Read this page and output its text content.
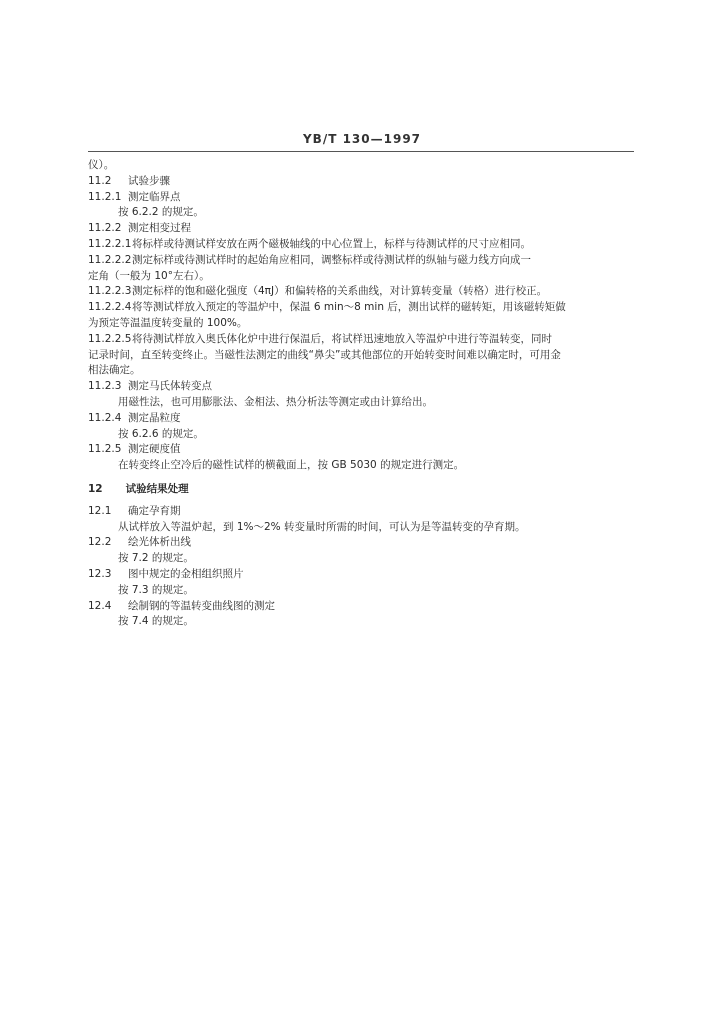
YB/T 130—1997
仪）。
11.2 试验步骤
11.2.1 测定临界点
按 6.2.2 的规定。
11.2.2 测定相变过程
11.2.2.1将标样或待测试样安放在两个磁极轴线的中心位置上，标样与待测试样的尺寸应相同。
11.2.2.2测定标样或待测试样时的起始角应相同，调整标样或待测试样的纵轴与磁力线方向成一
定角（一般为 10°左右）。
11.2.2.3测定标样的饱和磁化强度（4πJ）和偏转格的关系曲线，对计算转变量（转格）进行校正。
11.2.2.4将等测试样放入预定的等温炉中，保温 6 min～8 min 后，测出试样的磁转矩，用该磁转矩做
为预定等温温度转变量的 100%。
11.2.2.5将待测试样放入奥氏体化炉中进行保温后，将试样迅速地放入等温炉中进行等温转变，同时
记录时间，直至转变终止。当磁性法测定的曲线“鼻尖”或其他部位的开始转变时间难以确定时，可用金
相法确定。
11.2.3 测定马氏体转变点
用磁性法，也可用膨胀法、金相法、热分析法等测定或由计算给出。
11.2.4 测定晶粒度
按 6.2.6 的规定。
11.2.5 测定硬度值
在转变终止空冷后的磁性试样的横截面上，按 GB 5030 的规定进行测定。
12 试验结果处理
12.1 确定孕育期
从试样放入等温炉起，到 1%～2% 转变量时所需的时间，可认为是等温转变的孕育期。
12.2 绘光体析出线
按 7.2 的规定。
12.3 图中规定的金相组织照片
按 7.3 的规定。
12.4 绘制钢的等温转变曲线图的测定
按 7.4 的规定。
